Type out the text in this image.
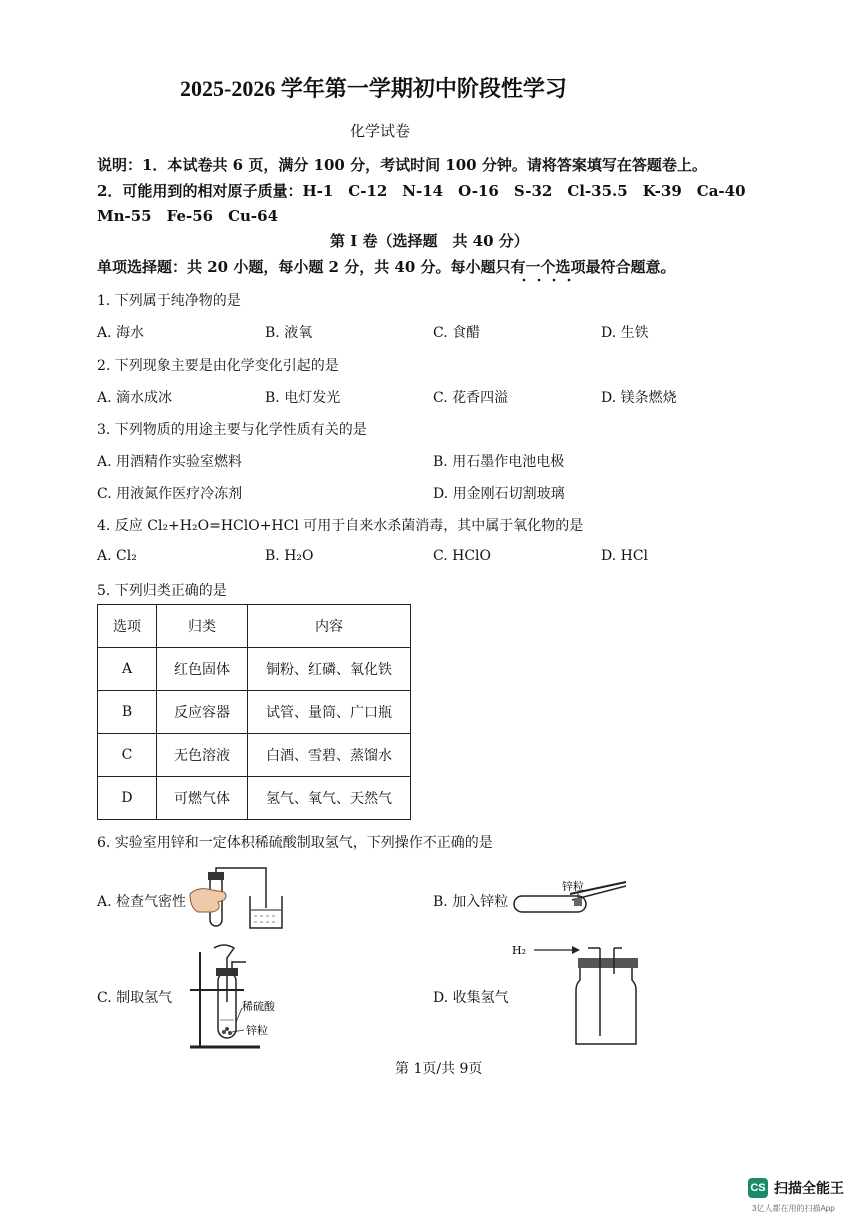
2025-2026 学年第一学期初中阶段性学习
化学试卷
说明：1．本试卷共 6 页，满分 100 分，考试时间 100 分钟。请将答案填写在答题卷上。
2．可能用到的相对原子质量：H-1　C-12　N-14　O-16　S-32　Cl-35.5　K-39　Ca-40
Mn-55　Fe-56　Cu-64
第 I 卷（选择题　共 40 分）
单项选择题：共 20 小题，每小题 2 分，共 40 分。每小题只有一个选项最符合题意。
1. 下列属于纯净物的是
A. 海水	B. 液氧	C. 食醋	D. 生铁
2. 下列现象主要是由化学变化引起的是
A. 滴水成冰	B. 电灯发光	C. 花香四溢	D. 镁条燃烧
3. 下列物质的用途主要与化学性质有关的是
A. 用酒精作实验室燃料	B. 用石墨作电池电极
C. 用液氮作医疗冷冻剂	D. 用金刚石切割玻璃
4. 反应 Cl₂+H₂O=HClO+HCl 可用于自来水杀菌消毒，其中属于氧化物的是
A. Cl₂	B. H₂O	C. HClO	D. HCl
5. 下列归类正确的是
选项	归类	内容
A	红色固体	铜粉、红磷、氧化铁
B	反应容器	试管、量筒、广口瓶
C	无色溶液	白酒、雪碧、蒸馏水
D	可燃气体	氢气、氧气、天然气
6. 实验室用锌和一定体积稀硫酸制取氢气，下列操作不正确的是
A. 检查气密性	B. 加入锌粒
C. 制取氢气	D. 收集氢气
锌粒
稀硫酸
锌粒
H₂
第 1页/共 9页
CS 扫描全能王
3亿人都在用的扫描App
